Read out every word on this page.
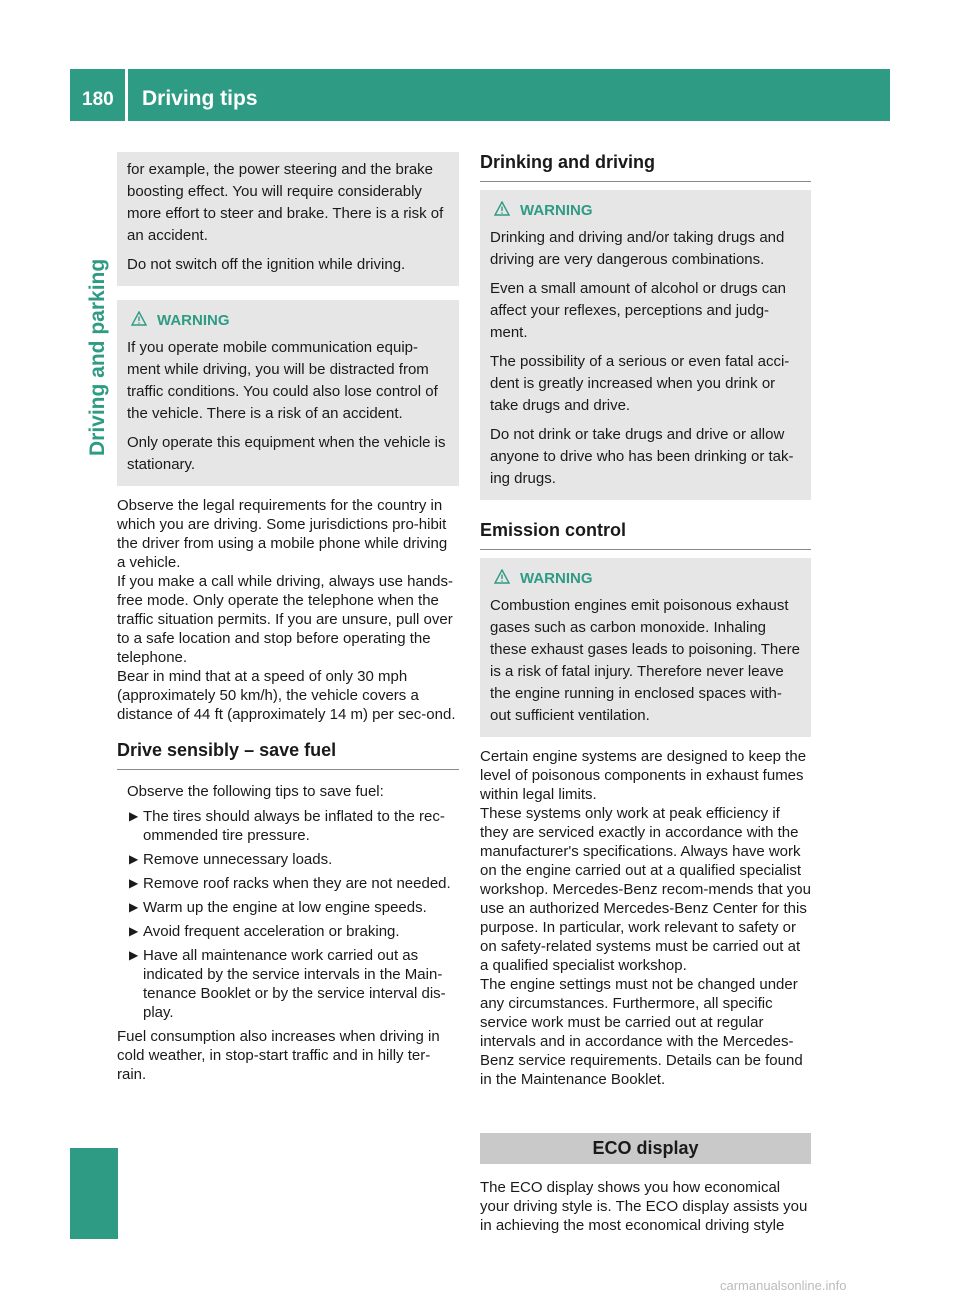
180 Driving tips
Driving and parking

for example, the power steering and the brake boosting effect. You will require considerably more effort to steer and brake. There is a risk of an accident.

Do not switch off the ignition while driving.

WARNING

If you operate mobile communication equip-ment while driving, you will be distracted from traffic conditions. You could also lose control of the vehicle. There is a risk of an accident.

Only operate this equipment when the vehicle is stationary.

Observe the legal requirements for the country in which you are driving. Some jurisdictions pro-hibit the driver from using a mobile phone while driving a vehicle.

If you make a call while driving, always use hands-free mode. Only operate the telephone when the traffic situation permits. If you are unsure, pull over to a safe location and stop before operating the telephone.

Bear in mind that at a speed of only 30 mph (approximately 50 km/h), the vehicle covers a distance of 44 ft (approximately 14 m) per sec-ond.

Drive sensibly – save fuel

Observe the following tips to save fuel:

▶ The tires should always be inflated to the rec-ommended tire pressure.
▶ Remove unnecessary loads.
▶ Remove roof racks when they are not needed.
▶ Warm up the engine at low engine speeds.
▶ Avoid frequent acceleration or braking.
▶ Have all maintenance work carried out as indicated by the service intervals in the Main-tenance Booklet or by the service interval dis-play.

Fuel consumption also increases when driving in cold weather, in stop-start traffic and in hilly ter-rain.

Drinking and driving
WARNING

Drinking and driving and/or taking drugs and driving are very dangerous combinations.

Even a small amount of alcohol or drugs can affect your reflexes, perceptions and judg-ment.

The possibility of a serious or even fatal acci-dent is greatly increased when you drink or take drugs and drive.

Do not drink or take drugs and drive or allow anyone to drive who has been drinking or tak-ing drugs.

Emission control
WARNING

Combustion engines emit poisonous exhaust gases such as carbon monoxide. Inhaling these exhaust gases leads to poisoning. There is a risk of fatal injury. Therefore never leave the engine running in enclosed spaces with-out sufficient ventilation.

Certain engine systems are designed to keep the level of poisonous components in exhaust fumes within legal limits.

These systems only work at peak efficiency if they are serviced exactly in accordance with the manufacturer's specifications. Always have work on the engine carried out at a qualified specialist workshop. Mercedes-Benz recom-mends that you use an authorized Mercedes-Benz Center for this purpose. In particular, work relevant to safety or on safety-related systems must be carried out at a qualified specialist workshop.

The engine settings must not be changed under any circumstances. Furthermore, all specific service work must be carried out at regular intervals and in accordance with the Mercedes-Benz service requirements. Details can be found in the Maintenance Booklet.

ECO display

The ECO display shows you how economical your driving style is. The ECO display assists you in achieving the most economical driving style

carmanualsonline.info
